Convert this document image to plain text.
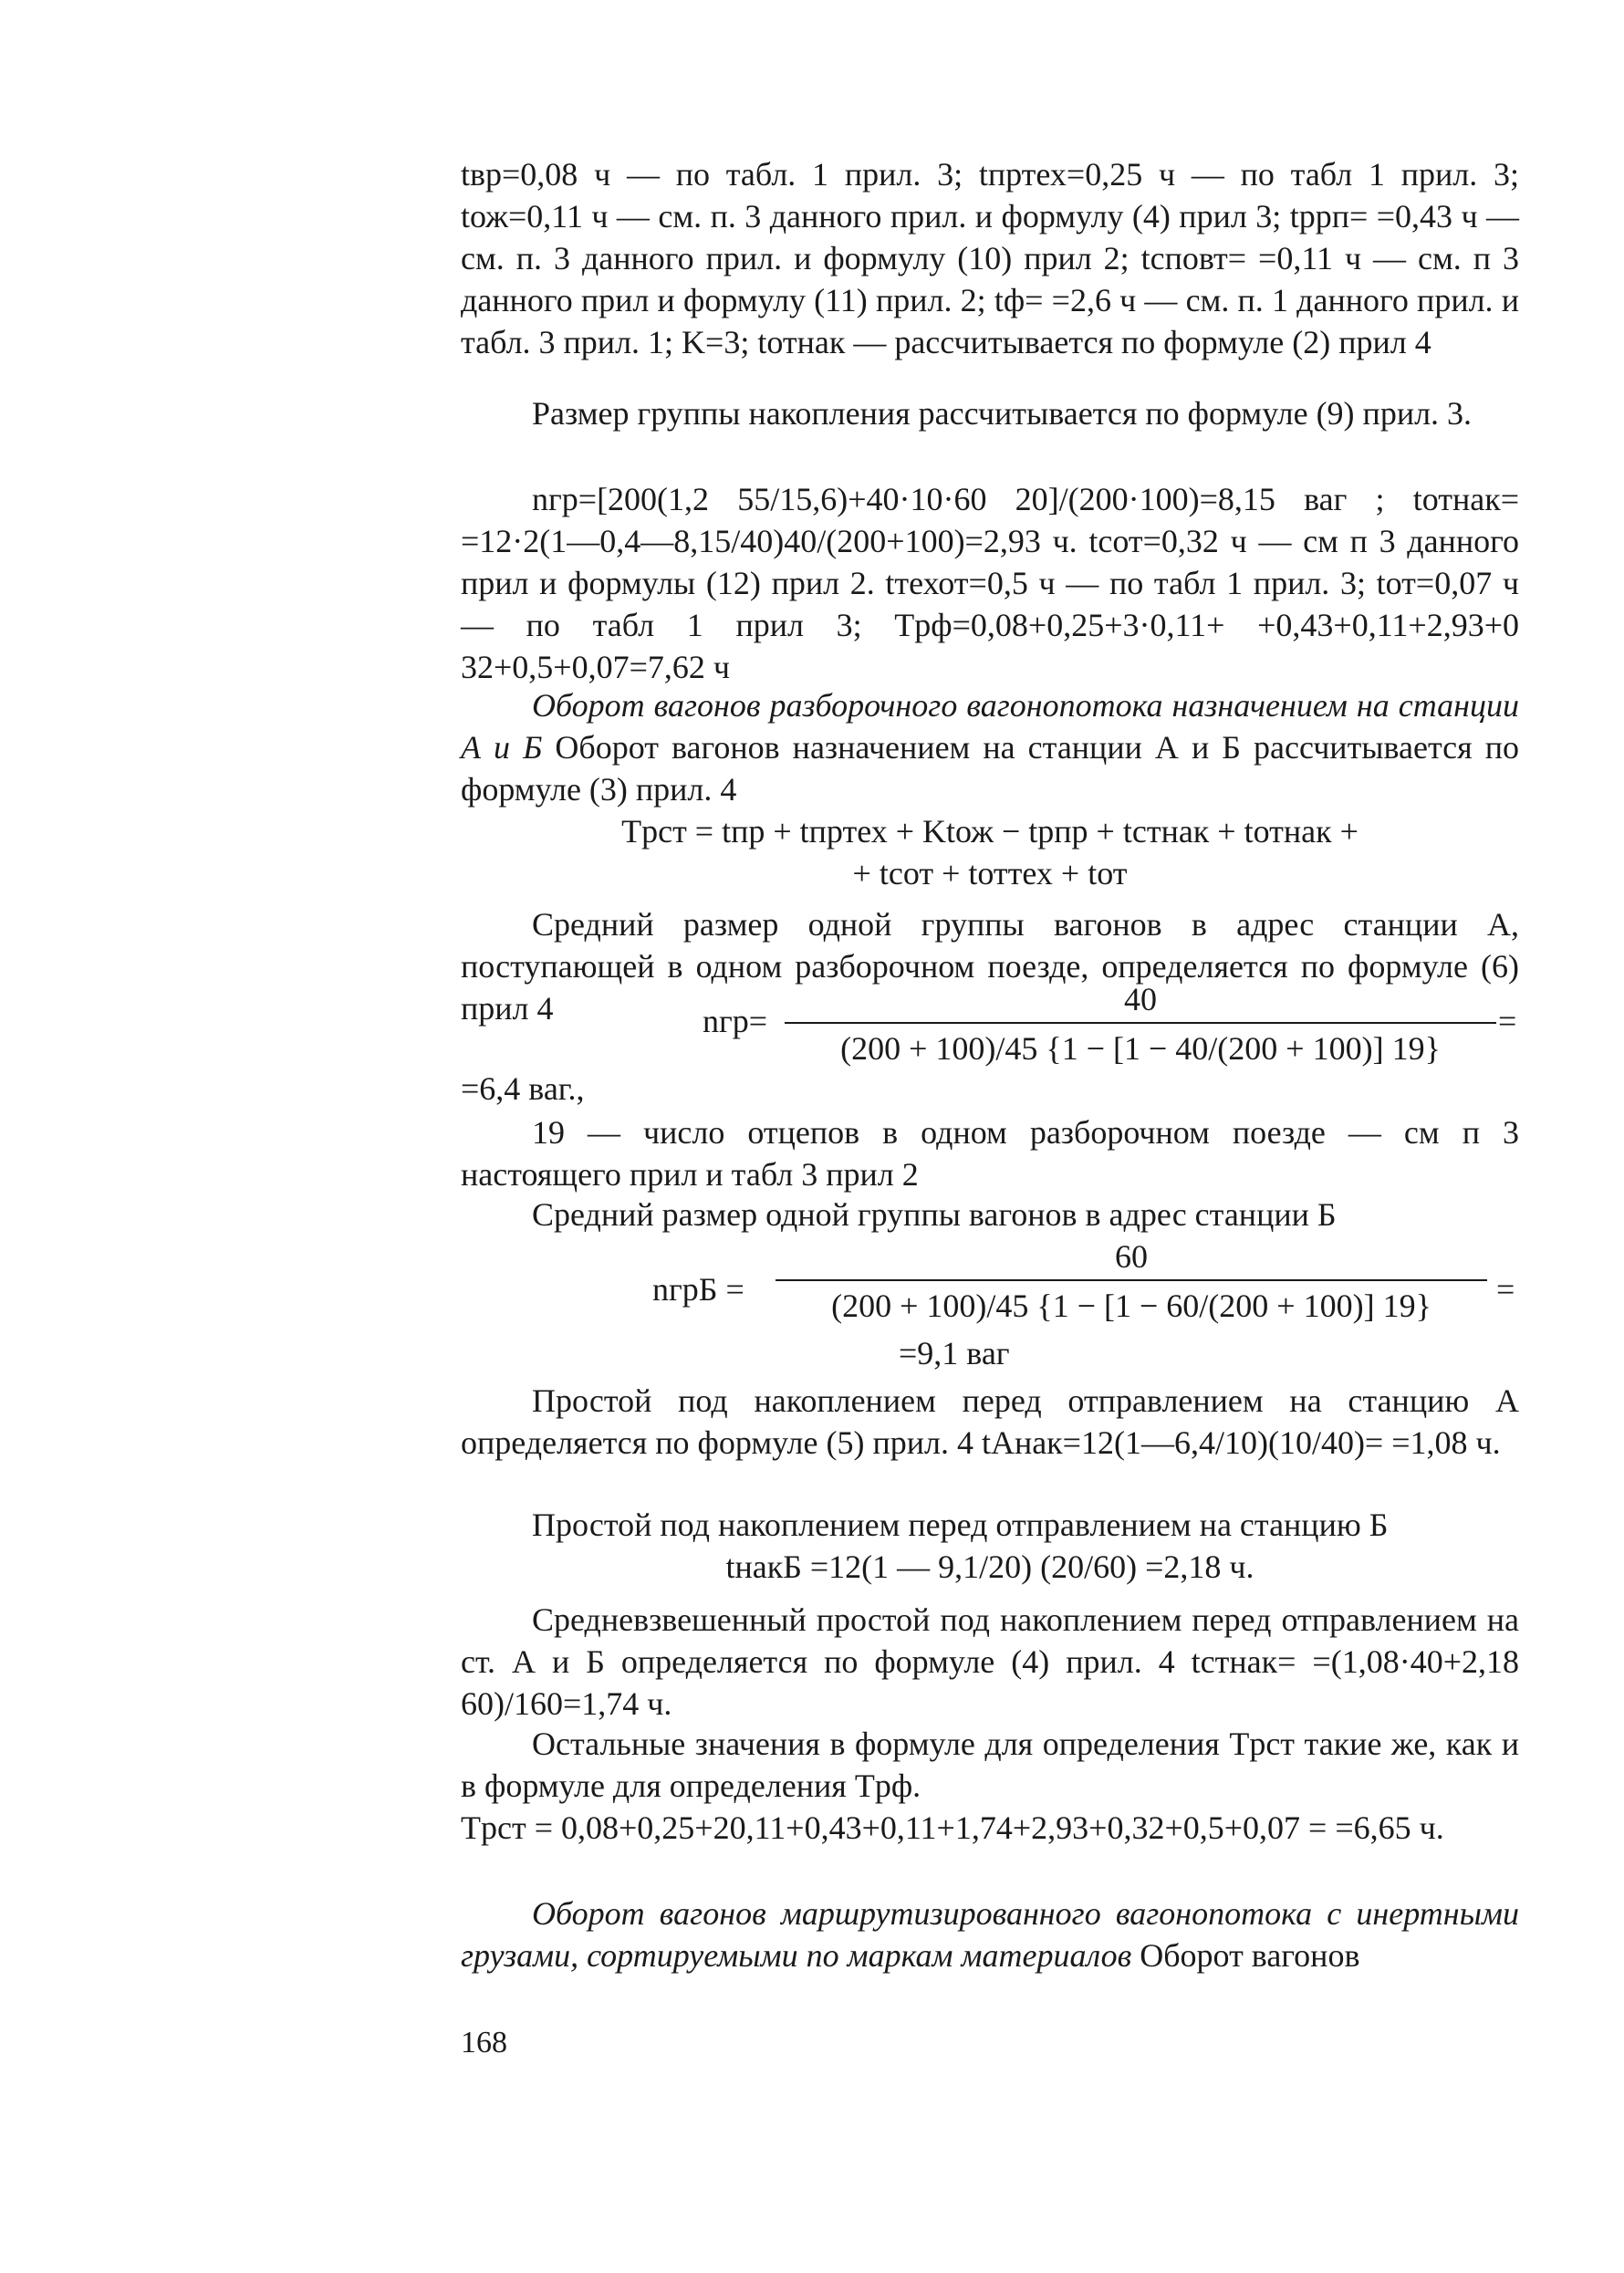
tвр=0,08 ч — по табл. 1 прил. 3; tпртех=0,25 ч — по табл 1 прил. 3; tож=0,11 ч — см. п. 3 данного прил. и формулу (4) прил 3; tррп= =0,43 ч — см. п. 3 данного прил. и формулу (10) прил 2; tсповт= =0,11 ч — см. п 3 данного прил и формулу (11) прил. 2; tф= =2,6 ч — см. п. 1 данного прил. и табл. 3 прил. 1; K=3; tотнак — рассчитывается по формуле (2) прил 4

Размер группы накопления рассчитывается по формуле (9) прил. 3.

nгр=[200(1,2 55/15,6)+40·10·60 20]/(200·100)=8,15 ваг ; tотнак= =12·2(1—0,4—8,15/40)40/(200+100)=2,93 ч. tсот=0,32 ч — см п 3 данного прил и формулы (12) прил 2. tтехот=0,5 ч — по табл 1 прил. 3; tот=0,07 ч — по табл 1 прил 3; Tрф=0,08+0,25+3·0,11+ +0,43+0,11+2,93+0 32+0,5+0,07=7,62 ч

Оборот вагонов разборочного вагонопотока назначением на станции А и Б Оборот вагонов назначением на станции А и Б рассчитывается по формуле (3) прил. 4

Tрст = tпр + tпртех + Ktож − tрпр + tстнак + tотнак +

+ tсот + tоттех + tот

Средний размер одной группы вагонов в адрес станции А, поступающей в одном разборочном поезде, определяется по формуле (6) прил 4	nгр=
40
(200 + 100)/45 {1 − [1 − 40/(200 + 100)] 19}
=
=6,4 ваг.,

19 — число отцепов в одном разборочном поезде — см п 3 настоящего прил и табл 3 прил 2

Средний размер одной группы вагонов в адрес станции Б

nгрБ =
60
(200 + 100)/45 {1 − [1 − 60/(200 + 100)] 19}	=
=9,1 ваг

Простой под накоплением перед отправлением на станцию А определяется по формуле (5) прил. 4 tАнак=12(1—6,4/10)(10/40)= =1,08 ч.

Простой под накоплением перед отправлением на станцию Б

tнакБ =12(1 — 9,1/20) (20/60) =2,18 ч.

Средневзвешенный простой под накоплением перед отправлением на ст. А и Б определяется по формуле (4) прил. 4 tстнак= =(1,08·40+2,18 60)/160=1,74 ч.

Остальные значения в формуле для определения Tрст такие же, как и в формуле для определения Tрф.

Tрст = 0,08+0,25+20,11+0,43+0,11+1,74+2,93+0,32+0,5+0,07 = =6,65 ч.

Оборот вагонов маршрутизированного вагонопотока с инертными грузами, сортируемыми по маркам материалов Оборот вагонов

168
